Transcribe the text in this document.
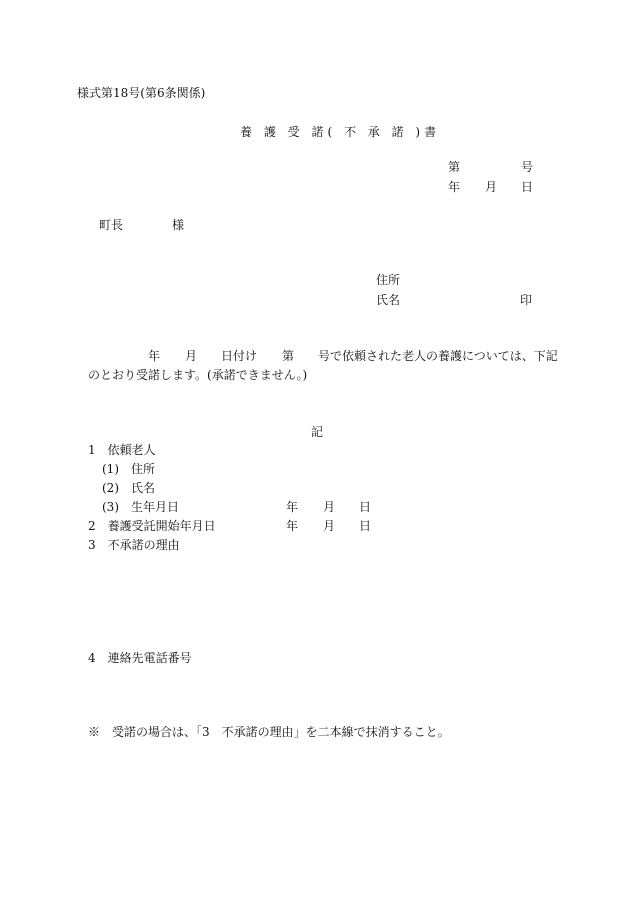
様式第18号(第6条関係)
養 護 受 諾( 不 承 諾 )書
第	号
年 月 日
町長	様
住所
氏名	印
年 月 日付け 第 号で依頼された老人の養護については、下記
のとおり受諾します。(承諾できません。)
記
1　依頼老人
(1)　住所
(2)　氏名
(3)　生年月日	年 月 日
2　養護受託開始年月日	年 月 日
3　不承諾の理由
4　連絡先電話番号
※　受諾の場合は、「3　不承諾の理由」を二本線で抹消すること。
